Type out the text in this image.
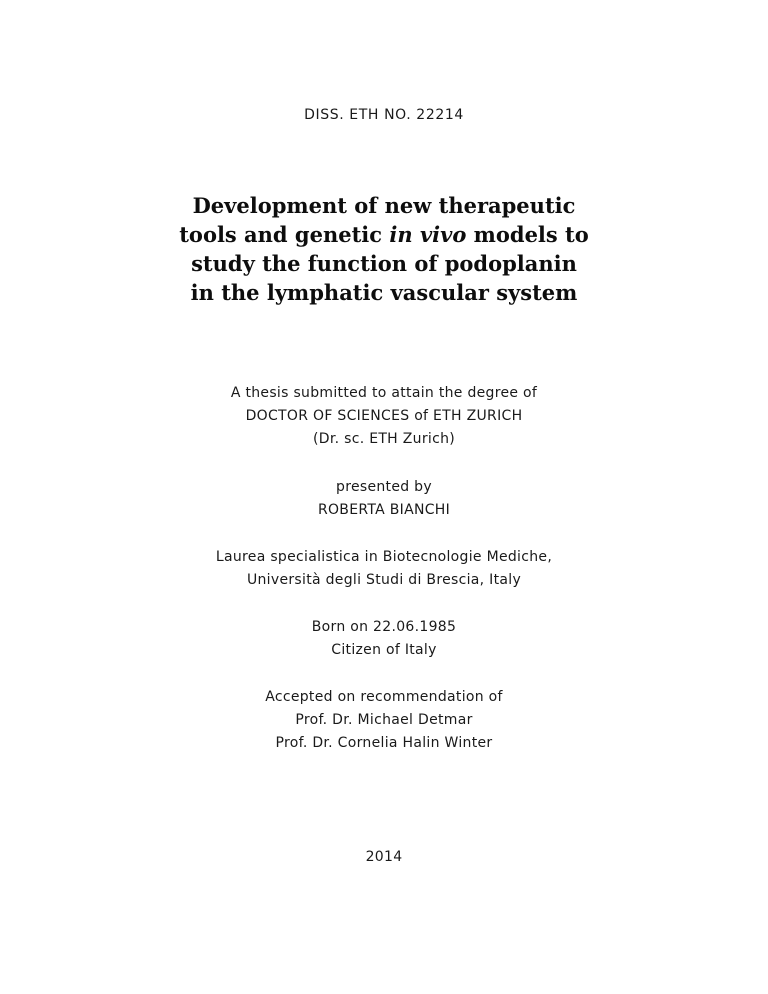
DISS. ETH NO. 22214
Development of new therapeutic
tools and genetic in vivo models to
study the function of podoplanin
in the lymphatic vascular system
A thesis submitted to attain the degree of
DOCTOR OF SCIENCES of ETH ZURICH
(Dr. sc. ETH Zurich)
presented by
ROBERTA BIANCHI
Laurea specialistica in Biotecnologie Mediche,
Università degli Studi di Brescia, Italy
Born on 22.06.1985
Citizen of Italy
Accepted on recommendation of
Prof. Dr. Michael Detmar
Prof. Dr. Cornelia Halin Winter
2014
